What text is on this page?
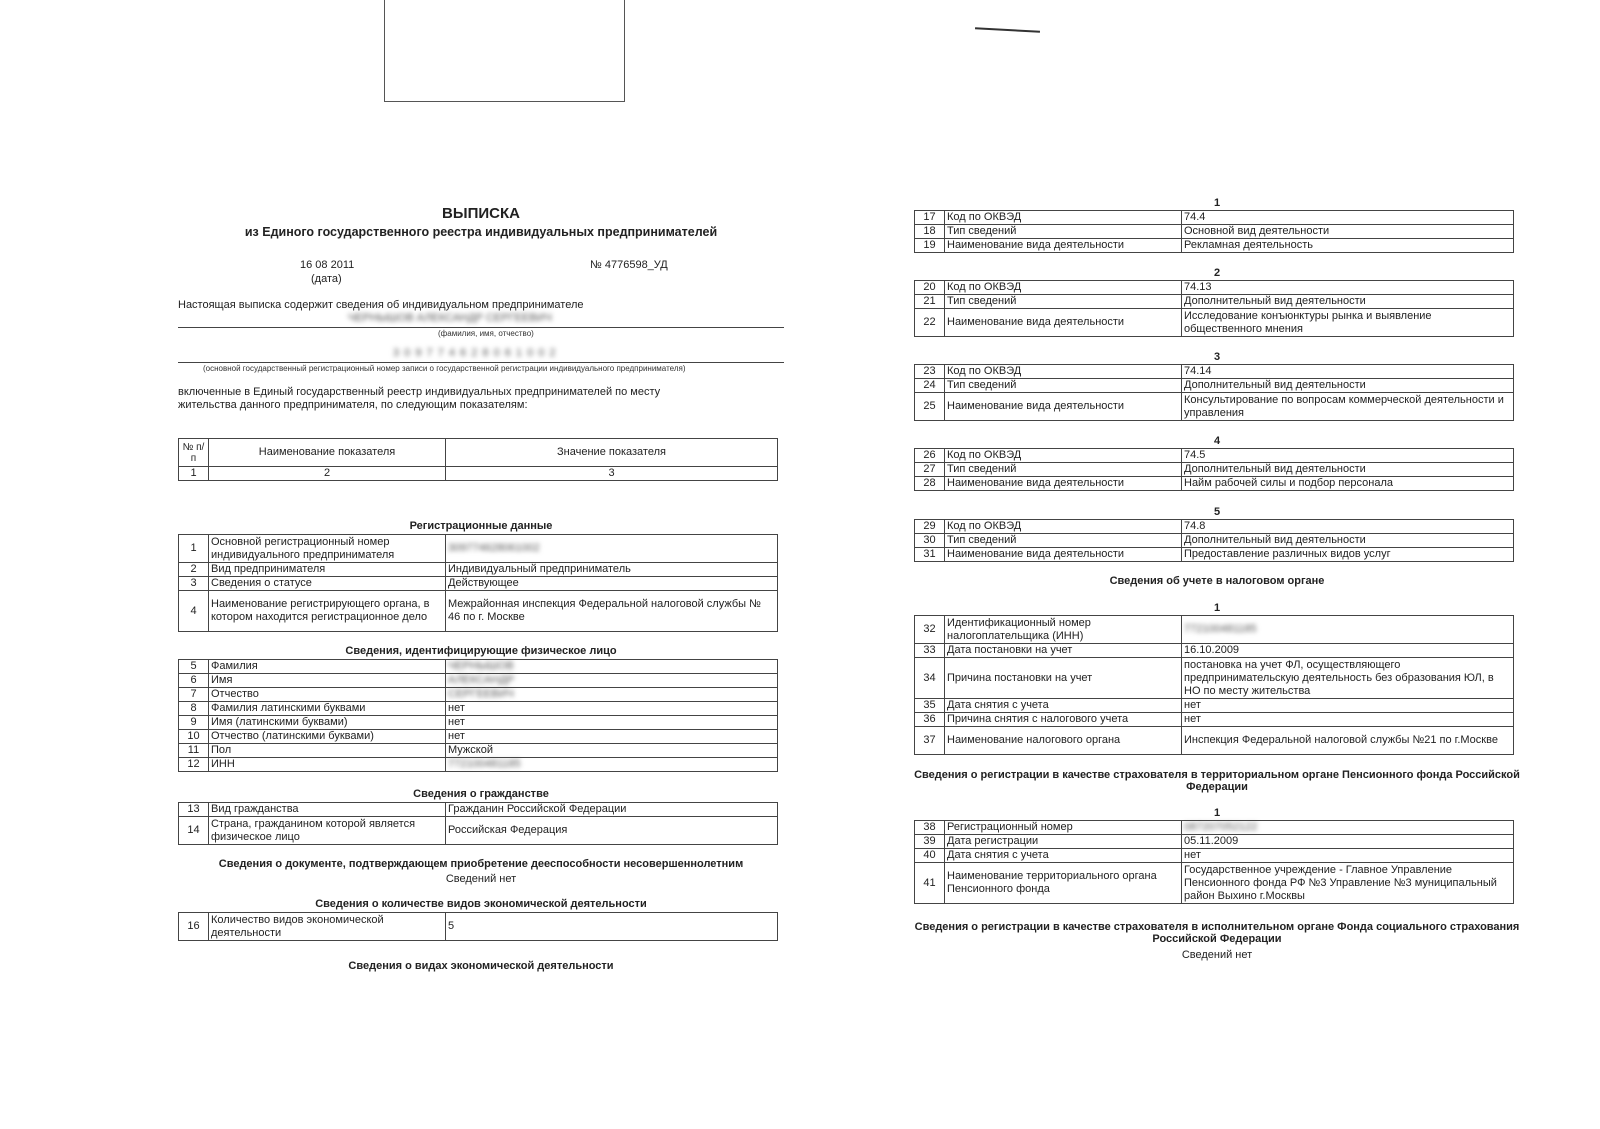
ВЫПИСКА
из Единого государственного реестра индивидуальных предпринимателей
16 08 2011
(дата)
№ 4776598_УД
Настоящая выписка содержит сведения об индивидуальном предпринимателе
ЧЕРНЫШОВ АЛЕКСАНДР СЕРГЕЕВИЧ
(фамилия, имя, отчество)
3 0 9 7 7 4 6 2 8 0 6 1 0 0 2
(основной государственный регистрационный номер записи о государственной регистрации индивидуального предпринимателя)
включенные в Единый государственный реестр индивидуальных предпринимателей по месту
жительства данного предпринимателя, по следующим показателям:
№ п/п	Наименование показателя	Значение показателя
1	2	3
Регистрационные данные
1	Основной регистрационный номер индивидуального предпринимателя	309774628061002
2	Вид предпринимателя	Индивидуальный предприниматель
3	Сведения о статусе	Действующее
4	Наименование регистрирующего органа, в котором находится регистрационное дело	Межрайонная инспекция Федеральной налоговой службы № 46 по г. Москве
Сведения, идентифицирующие физическое лицо
5	Фамилия	ЧЕРНЫШОВ
6	Имя	АЛЕКСАНДР
7	Отчество	СЕРГЕЕВИЧ
8	Фамилия латинскими буквами	нет
9	Имя (латинскими буквами)	нет
10	Отчество (латинскими буквами)	нет
11	Пол	Мужской
12	ИНН	772100481185
Сведения о гражданстве
13	Вид гражданства	Гражданин Российской Федерации
14	Страна, гражданином которой является физическое лицо	Российская Федерация
Сведения о документе, подтверждающем приобретение дееспособности несовершеннолетним
Сведений нет
Сведения о количестве видов экономической деятельности
16	Количество видов экономической деятельности	5
Сведения о видах экономической деятельности
1
17	Код по ОКВЭД	74.4
18	Тип сведений	Основной вид деятельности
19	Наименование вида деятельности	Рекламная деятельность
2
20	Код по ОКВЭД	74.13
21	Тип сведений	Дополнительный вид деятельности
22	Наименование вида деятельности	Исследование конъюнктуры рынка и выявление общественного мнения
3
23	Код по ОКВЭД	74.14
24	Тип сведений	Дополнительный вид деятельности
25	Наименование вида деятельности	Консультирование по вопросам коммерческой деятельности и управления
4
26	Код по ОКВЭД	74.5
27	Тип сведений	Дополнительный вид деятельности
28	Наименование вида деятельности	Найм рабочей силы и подбор персонала
5
29	Код по ОКВЭД	74.8
30	Тип сведений	Дополнительный вид деятельности
31	Наименование вида деятельности	Предоставление различных видов услуг
Сведения об учете в налоговом органе
1
32	Идентификационный номер налогоплательщика (ИНН)	772100481185
33	Дата постановки на учет	16.10.2009
34	Причина постановки на учет	постановка на учет ФЛ, осуществляющего предпринимательскую деятельность без образования ЮЛ, в НО по месту жительства
35	Дата снятия с учета	нет
36	Причина снятия с налогового учета	нет
37	Наименование налогового органа	Инспекция Федеральной налоговой службы №21 по г.Москве
Сведения о регистрации в качестве страхователя в территориальном органе Пенсионного фонда Российской Федерации
1
38	Регистрационный номер	087207052122
39	Дата регистрации	05.11.2009
40	Дата снятия с учета	нет
41	Наименование территориального органа Пенсионного фонда	Государственное учреждение - Главное Управление Пенсионного фонда РФ №3 Управление №3 муниципальный район Выхино г.Москвы
Сведения о регистрации в качестве страхователя в исполнительном органе Фонда социального страхования Российской Федерации
Сведений нет
